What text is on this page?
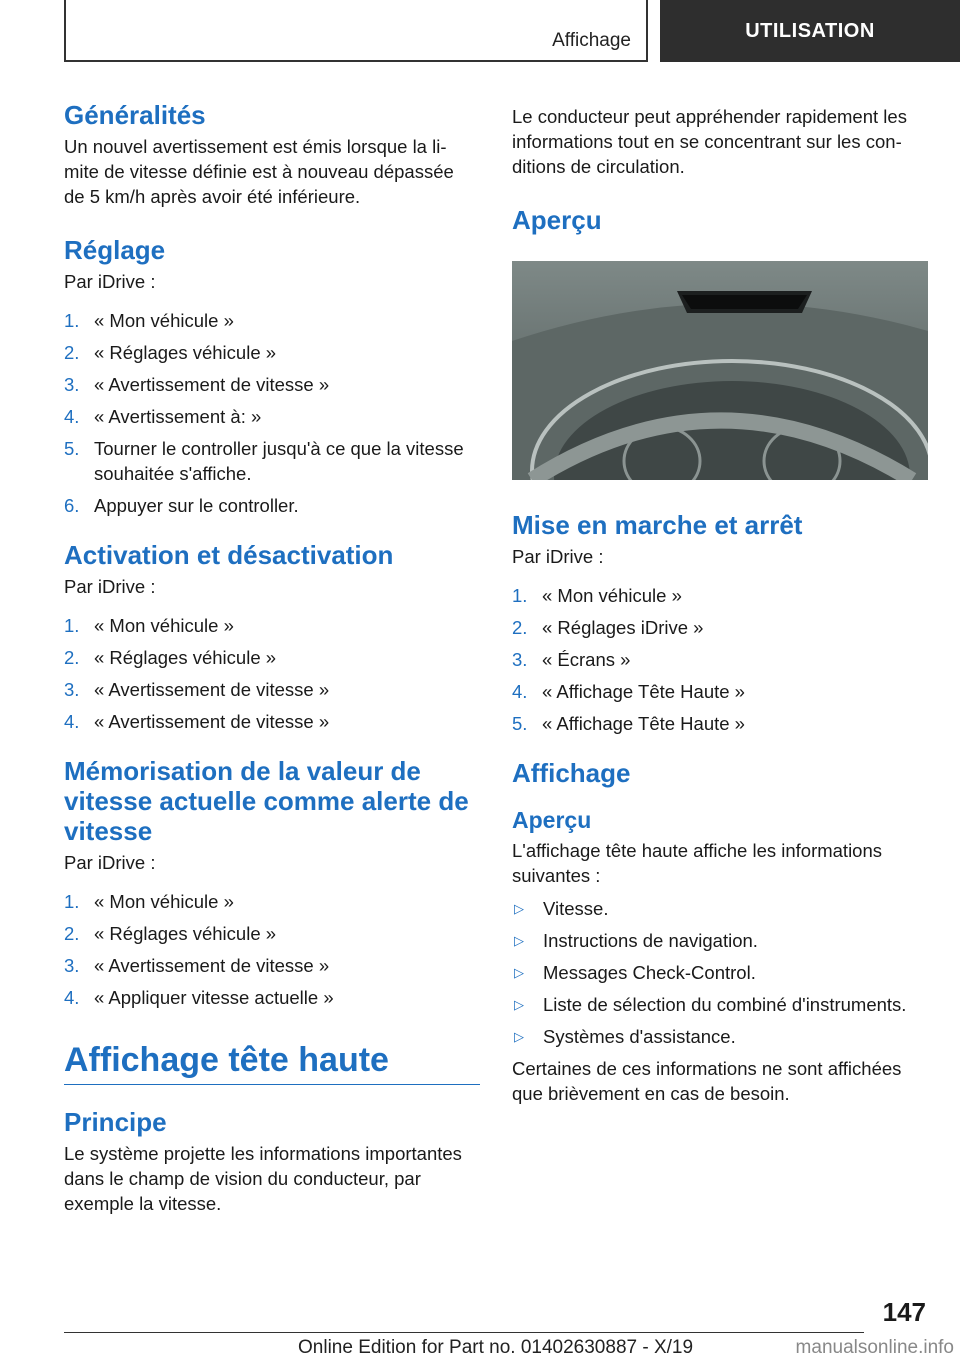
Affichage	UTILISATION
Généralités

Un nouvel avertissement est émis lorsque la li-
mite de vitesse définie est à nouveau dépassée
de 5 km/h après avoir été inférieure.

Réglage

Par iDrive :

1. « Mon véhicule »
2. « Réglages véhicule »
3. « Avertissement de vitesse »
4. « Avertissement à: »
5. Tourner le controller jusqu'à ce que la vitesse souhaitée s'affiche.
6. Appuyer sur le controller.
Activation et désactivation

Par iDrive :

1. « Mon véhicule »
2. « Réglages véhicule »
3. « Avertissement de vitesse »
4. « Avertissement de vitesse »
Mémorisation de la valeur de vitesse actuelle comme alerte de vitesse

Par iDrive :

1. « Mon véhicule »
2. « Réglages véhicule »
3. « Avertissement de vitesse »
4. « Appliquer vitesse actuelle »
Affichage tête haute
Principe

Le système projette les informations importantes dans le champ de vision du conducteur, par exemple la vitesse.

Le conducteur peut appréhender rapidement les informations tout en se concentrant sur les con-
ditions de circulation.

Aperçu
Mise en marche et arrêt

Par iDrive :

1. « Mon véhicule »
2. « Réglages iDrive »
3. « Écrans »
4. « Affichage Tête Haute »
5. « Affichage Tête Haute »
Affichage
Aperçu

L'affichage tête haute affiche les informations suivantes :

▷	Vitesse.
▷	Instructions de navigation.
▷	Messages Check-Control.
▷	Liste de sélection du combiné d'instruments.
▷	Systèmes d'assistance.

Certaines de ces informations ne sont affichées que brièvement en cas de besoin.

147
Online Edition for Part no. 01402630887 - X/19	manualsonline.info
